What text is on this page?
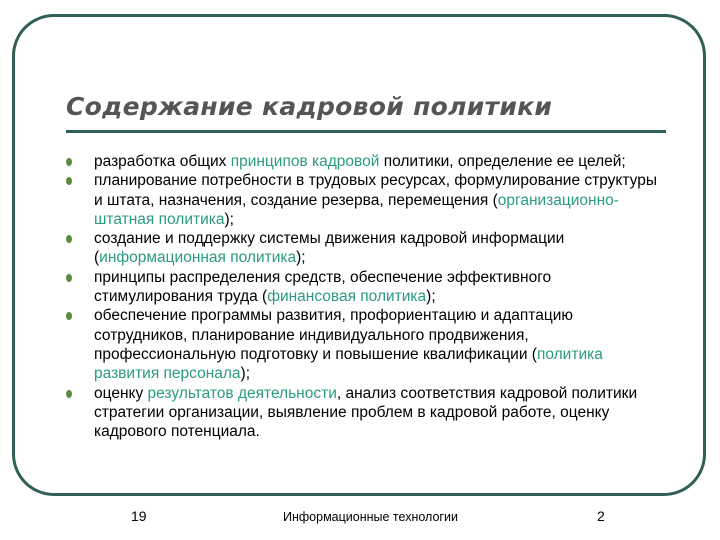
Содержание кадровой политики
разработка общих принципов кадровой политики, определение ее целей;
планирование потребности в трудовых ресурсах, формулирование структуры и штата, назначения, создание резерва, перемещения (организационно-штатная политика);
создание и поддержку системы движения кадровой информации (информационная политика);
принципы распределения средств, обеспечение эффективного стимулирования труда (финансовая политика);
обеспечение программы развития, профориентацию и адаптацию сотрудников, планирование индивидуального продвижения, профессиональную подготовку и повышение квалификации (политика развития персонала);
оценку результатов деятельности, анализ соответствия кадровой политики стратегии организации, выявление проблем в кадровой работе, оценку кадрового потенциала.
19	Информационные технологии	2
